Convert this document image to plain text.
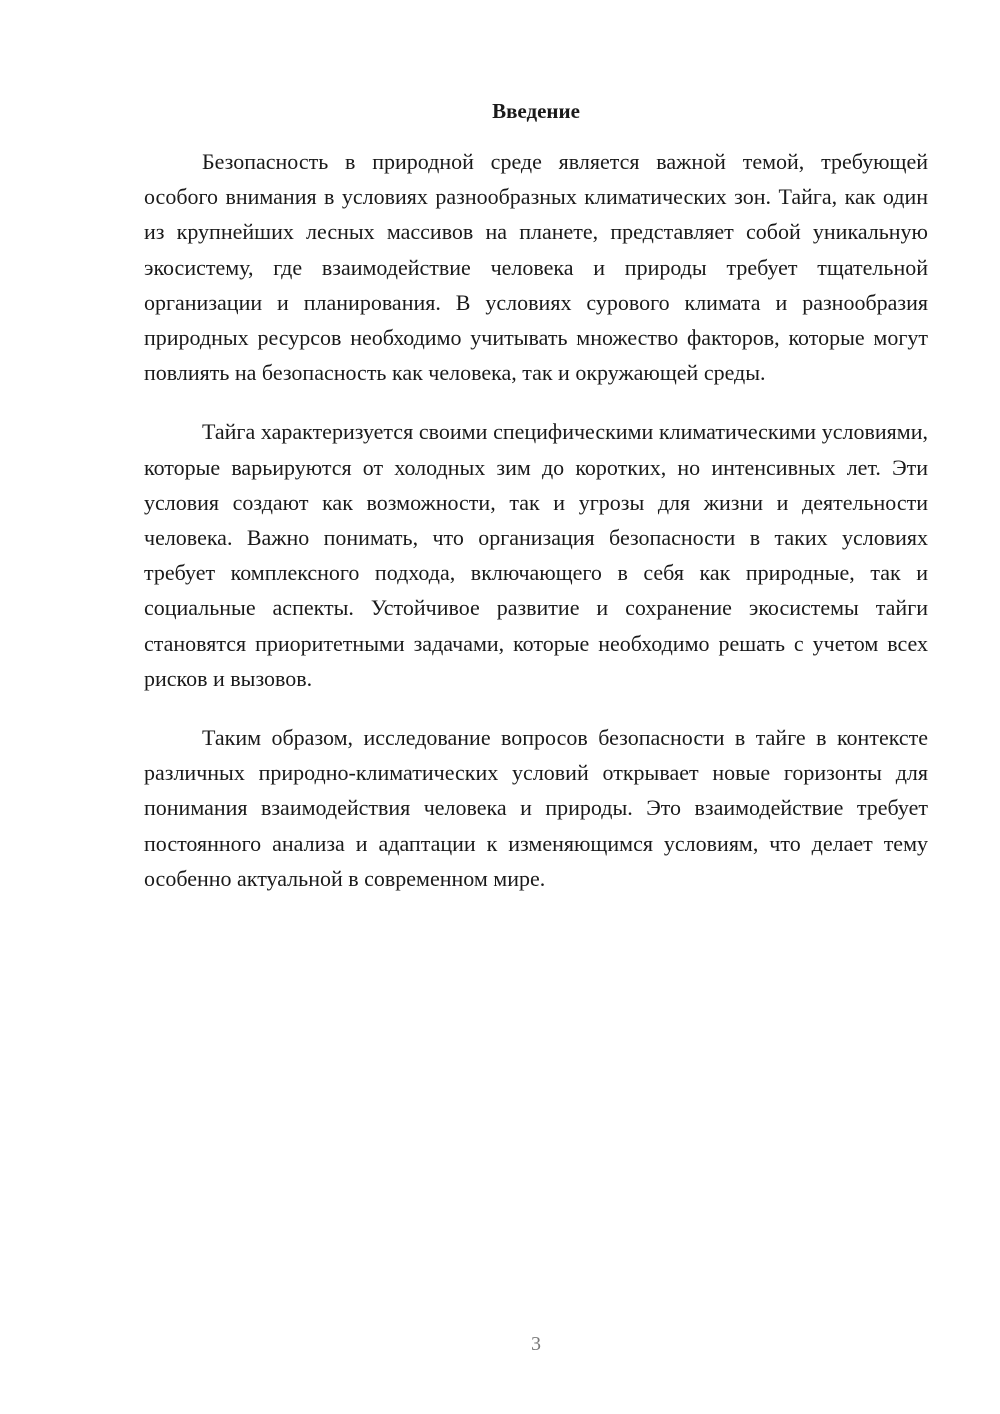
Введение

Безопасность в природной среде является важной темой, требующей особого внимания в условиях разнообразных климатических зон. Тайга, как один из крупнейших лесных массивов на планете, представляет собой уникальную экосистему, где взаимодействие человека и природы требует тщательной организации и планирования. В условиях сурового климата и разнообразия природных ресурсов необходимо учитывать множество факторов, которые могут повлиять на безопасность как человека, так и окружающей среды.

Тайга характеризуется своими специфическими климатическими условиями, которые варьируются от холодных зим до коротких, но интенсивных лет. Эти условия создают как возможности, так и угрозы для жизни и деятельности человека. Важно понимать, что организация безопасности в таких условиях требует комплексного подхода, включающего в себя как природные, так и социальные аспекты. Устойчивое развитие и сохранение экосистемы тайги становятся приоритетными задачами, которые необходимо решать с учетом всех рисков и вызовов.

Таким образом, исследование вопросов безопасности в тайге в контексте различных природно-климатических условий открывает новые горизонты для понимания взаимодействия человека и природы. Это взаимодействие требует постоянного анализа и адаптации к изменяющимся условиям, что делает тему особенно актуальной в современном мире.

3
